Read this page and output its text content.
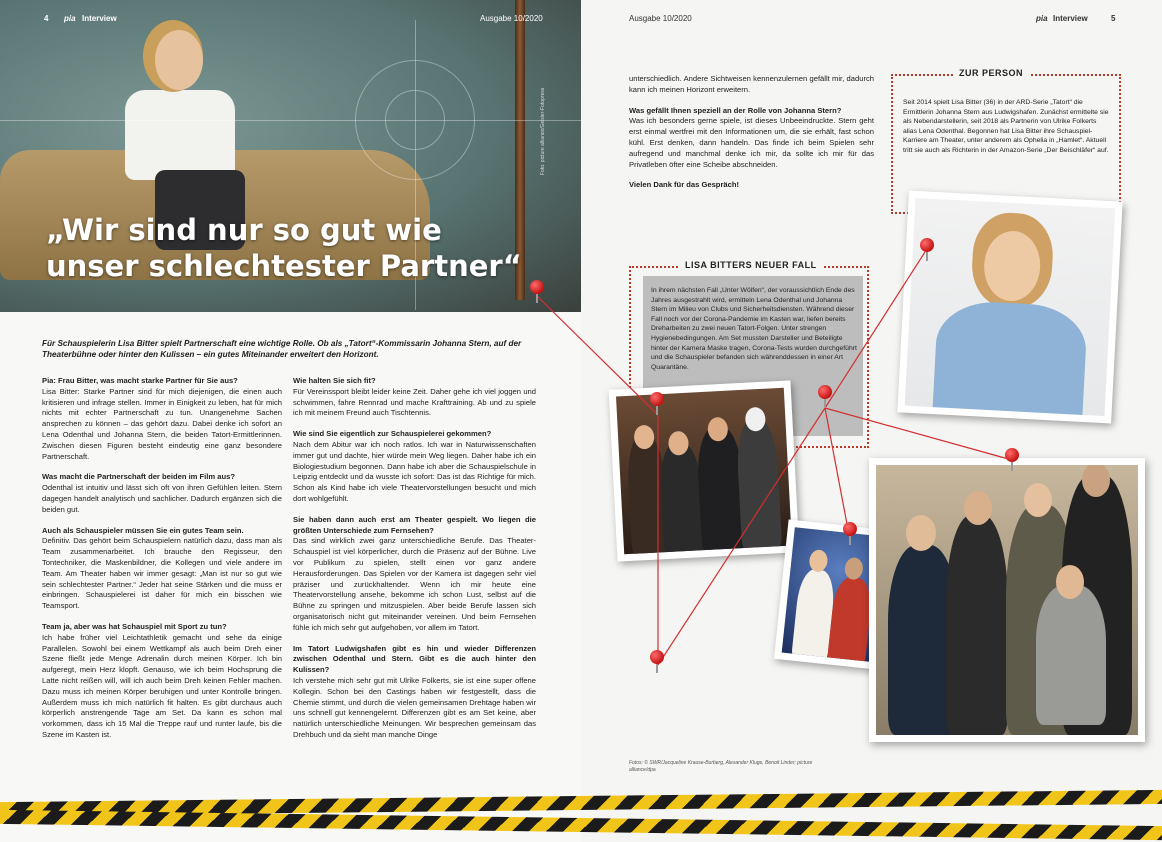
„Wir sind nur so gut wie
unser schlechtester Partner“
Foto: picture alliance/Geisler-Fotopress
4 pia Interview	Ausgabe 10/2020
Für Schauspielerin Lisa Bitter spielt Partnerschaft eine wichtige Rolle. Ob als „Tatort“-Kommissarin Johanna Stern, auf der Theaterbühne oder hinter den Kulissen – ein gutes Miteinander erweitert den Horizont.

Pia: Frau Bitter, was macht starke Partner für Sie aus?
Lisa Bitter: Starke Partner sind für mich diejenigen, die einen auch kritisieren und infrage stellen. Immer in Einigkeit zu leben, hat für mich nichts mit echter Partnerschaft zu tun. Unangenehme Sachen ansprechen zu können – das gehört dazu. Dabei denke ich sofort an Lena Odenthal und Johanna Stern, die beiden Tatort-Ermittlerinnen. Zwischen diesen Figuren besteht eindeutig eine ganz besondere Partnerschaft.

Was macht die Partnerschaft der beiden im Film aus?
Odenthal ist intuitiv und lässt sich oft von ihren Gefühlen leiten. Stern dagegen handelt analytisch und sachlicher. Dadurch ergänzen sich die beiden gut.

Auch als Schauspieler müssen Sie ein gutes Team sein.
Definitiv. Das gehört beim Schauspielern natürlich dazu, dass man als Team zusammenarbeitet. Ich brauche den Regisseur, den Tontechniker, die Maskenbildner, die Kollegen und viele andere im Team. Am Theater haben wir immer gesagt: „Man ist nur so gut wie sein schlechtester Partner.“ Jeder hat seine Stärken und die muss er einbringen. Schauspielerei ist daher für mich ein bisschen wie Teamsport.

Team ja, aber was hat Schauspiel mit Sport zu tun?
Ich habe früher viel Leichtathletik gemacht und sehe da einige Parallelen. Sowohl bei einem Wettkampf als auch beim Dreh einer Szene fließt jede Menge Adrenalin durch meinen Körper. Ich bin aufgeregt, mein Herz klopft. Genauso, wie ich beim Hochsprung die Latte nicht reißen will, will ich auch beim Dreh keinen Fehler machen. Dazu muss ich meinen Körper beruhigen und unter Kontrolle bringen. Außerdem muss ich mich natürlich fit halten. Es gibt durchaus auch körperlich anstrengende Tage am Set. Da kann es schon mal vorkommen, dass ich 15 Mal die Treppe rauf und runter laufe, bis die Szene im Kasten ist.

Wie halten Sie sich fit?
Für Vereinssport bleibt leider keine Zeit. Daher gehe ich viel joggen und schwimmen, fahre Rennrad und mache Krafttraining. Ab und zu spiele ich mit meinem Freund auch Tischtennis.

Wie sind Sie eigentlich zur Schauspielerei gekommen?
Nach dem Abitur war ich noch ratlos. Ich war in Naturwissenschaften immer gut und dachte, hier würde mein Weg liegen. Daher habe ich ein Biologiestudium begonnen. Dann habe ich aber die Schauspielschule in Leipzig entdeckt und da wusste ich sofort: Das ist das Richtige für mich. Schon als Kind habe ich viele Theatervorstellungen besucht und mich dort wohlgefühlt.

Sie haben dann auch erst am Theater gespielt. Wo liegen die größten Unterschiede zum Fernsehen?
Das sind wirklich zwei ganz unterschiedliche Berufe. Das Theater-Schauspiel ist viel körperlicher, durch die Präsenz auf der Bühne. Live vor Publikum zu spielen, stellt einen vor ganz andere Herausforderungen. Das Spielen vor der Kamera ist dagegen sehr viel präziser und zurückhaltender. Wenn ich mir heute eine Theatervorstellung ansehe, bekomme ich schon Lust, selbst auf die Bühne zu springen und mitzuspielen. Aber beide Berufe lassen sich organisatorisch nicht gut miteinander vereinen. Und beim Fernsehen fühle ich mich sehr gut aufgehoben, vor allem im Tatort.

Im Tatort Ludwigshafen gibt es hin und wieder Differenzen zwischen Odenthal und Stern. Gibt es die auch hinter den Kulissen?
Ich verstehe mich sehr gut mit Ulrike Folkerts, sie ist eine super offene Kollegin. Schon bei den Castings haben wir festgestellt, dass die Chemie stimmt, und durch die vielen gemeinsamen Drehtage haben wir uns schnell gut kennengelernt. Differenzen gibt es am Set keine, aber natürlich unterschiedliche Meinungen. Wir besprechen gemeinsam das Drehbuch und da sieht man manche Dinge

Ausgabe 10/2020	pia Interview	5

unterschiedlich. Andere Sichtweisen kennenzulernen gefällt mir, dadurch kann ich meinen Horizont erweitern.

Was gefällt Ihnen speziell an der Rolle von Johanna Stern?
Was ich besonders gerne spiele, ist dieses Unbeeindruckte. Stern geht erst einmal wertfrei mit den Informationen um, die sie erhält, fast schon kühl. Erst denken, dann handeln. Das finde ich beim Spielen sehr aufregend und manchmal denke ich mir, da sollte ich mir für das Privatleben öfter eine Scheibe abschneiden.

Vielen Dank für das Gespräch!

ZUR PERSON
Seit 2014 spielt Lisa Bitter (36) in der ARD-Serie „Tatort“ die Ermittlerin Johanna Stern aus Ludwigshafen. Zunächst ermittelte sie als Nebendarstellerin, seit 2018 als Partnerin von Ulrike Folkerts alias Lena Odenthal. Begonnen hat Lisa Bitter ihre Schauspiel-Karriere am Theater, unter anderem als Ophelia in „Hamlet“. Aktuell tritt sie auch als Richterin in der Amazon-Serie „Der Beischläfer“ auf.
LISA BITTERS NEUER FALL
In ihrem nächsten Fall „Unter Wölfen“, der voraussichtlich Ende des Jahres ausgestrahlt wird, ermitteln Lena Odenthal und Johanna Stern im Milieu von Clubs und Sicherheitsdiensten. Während dieser Fall noch vor der Corona-Pandemie im Kasten war, liefen bereits Dreharbeiten zu zwei neuen Tatort-Folgen. Unter strengen Hygienebedingungen. Am Set mussten Darsteller und Beteiligte hinter der Kamera Maske tragen, Corona-Tests wurden durchgeführt und die Schauspieler befanden sich währenddessen in einer Art Quarantäne.
Fotos: © SWR/Jacqueline Krause-Burberg, Alexander Kluge, Benoit Linder; picture alliance/dpa
